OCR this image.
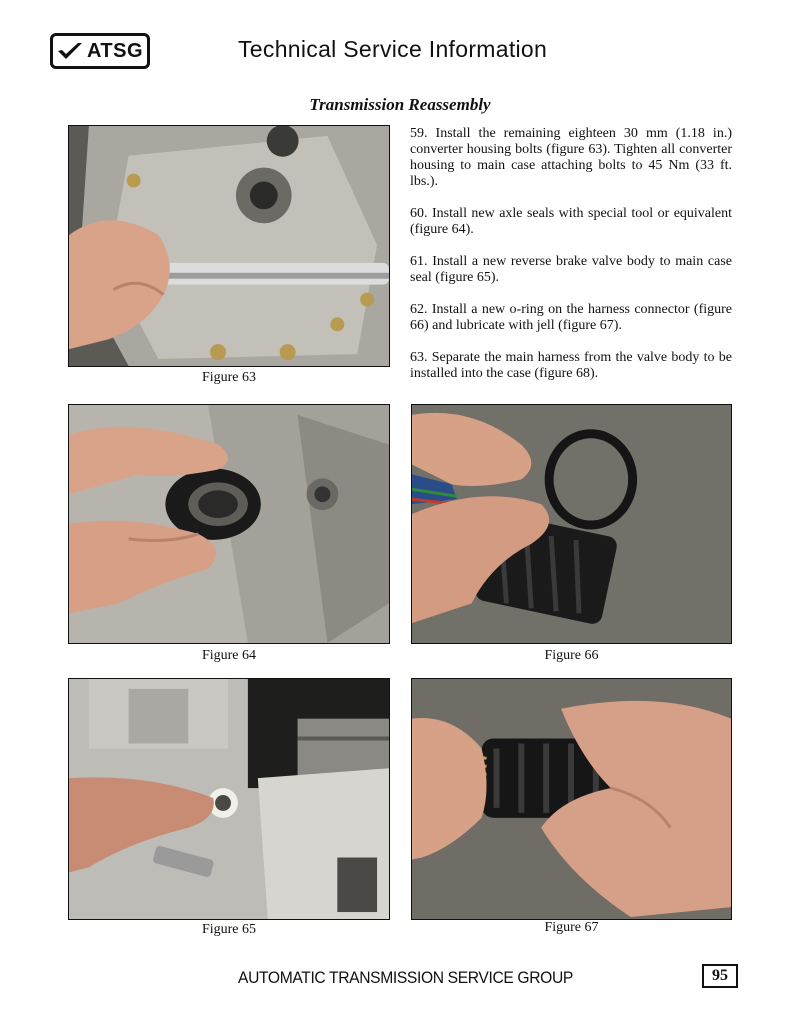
ATSG	Technical Service Information
Transmission Reassembly

59. Install the remaining eighteen 30 mm (1.18 in.) converter housing bolts (figure 63). Tighten all converter housing to main case attaching bolts to 45 Nm (33 ft. lbs.).

60. Install new axle seals with special tool or equivalent (figure 64).

61. Install a new reverse brake valve body to main case seal (figure 65).

62. Install a new o-ring on the harness connector (figure 66) and lubricate with jell (figure 67).

63. Separate the main harness from the valve body to be installed into the case (figure 68).

Figure 63
Figure 64	Figure 66
Figure 65	Figure 67
AUTOMATIC TRANSMISSION SERVICE GROUP	95
